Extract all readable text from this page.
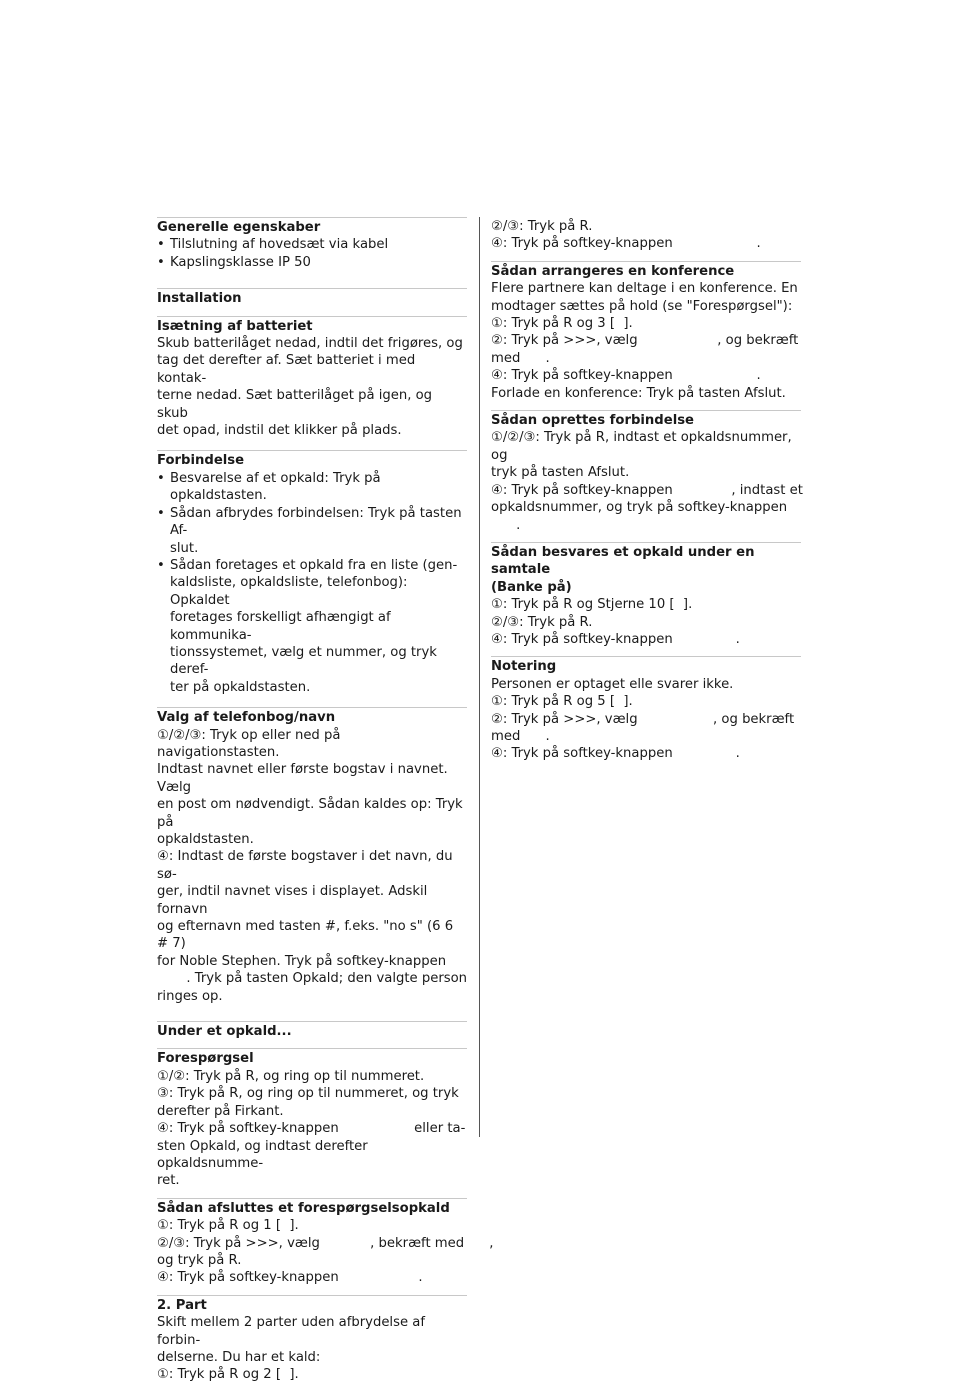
Generelle egenskaber
• Tilslutning af hovedsæt via kabel
• Kapslingsklasse IP 50
Installation
Isætning af batteriet
Skub batterilåget nedad, indtil det frigøres, og
tag det derefter af. Sæt batteriet i med kontak-
terne nedad. Sæt batterilåget på igen, og skub
det opad, indstil det klikker på plads.
Forbindelse
• Besvarelse af et opkald: Tryk på opkaldstasten.
• Sådan afbrydes forbindelsen: Tryk på tasten Af-
slut.
• Sådan foretages et opkald fra en liste (gen-
kaldsliste, opkaldsliste, telefonbog): Opkaldet
foretages forskelligt afhængigt af kommunika-
tionssystemet, vælg et nummer, og tryk deref-
ter på opkaldstasten.
Valg af telefonbog/navn
①/②/③: Tryk op eller ned på navigationstasten.
Indtast navnet eller første bogstav i navnet. Vælg
en post om nødvendigt. Sådan kaldes op: Tryk på
opkaldstasten.
④: Indtast de første bogstaver i det navn, du sø-
ger, indtil navnet vises i displayet. Adskil fornavn
og efternavn med tasten #, f.eks. "no s" (6 6 # 7)
for Noble Stephen. Tryk på softkey-knappen
. Tryk på tasten Opkald; den valgte person
ringes op.
Under et opkald...
Forespørgsel
①/②: Tryk på R, og ring op til nummeret.
③: Tryk på R, og ring op til nummeret, og tryk
derefter på Firkant.
④: Tryk på softkey-knappen                  eller ta-
sten Opkald, og indtast derefter opkaldsnumme-
ret.
Sådan afsluttes et forespørgselsopkald
①: Tryk på R og 1 [  ].
②/③: Tryk på >>>, vælg            , bekræft med      ,
og tryk på R.
④: Tryk på softkey-knappen                   .
2. Part
Skift mellem 2 parter uden afbrydelse af forbin-
delserne. Du har et kald:
①: Tryk på R og 2 [  ].
②/③: Tryk på R.
④: Tryk på softkey-knappen                    .
Sådan arrangeres en konference
Flere partnere kan deltage i en konference. En
modtager sættes på hold (se "Forespørgsel"):
①: Tryk på R og 3 [  ].
②: Tryk på >>>, vælg                   , og bekræft
med      .
④: Tryk på softkey-knappen                    .
Forlade en konference: Tryk på tasten Afslut.
Sådan oprettes forbindelse
①/②/③: Tryk på R, indtast et opkaldsnummer, og
tryk på tasten Afslut.
④: Tryk på softkey-knappen              , indtast et
opkaldsnummer, og tryk på softkey-knappen
.
Sådan besvares et opkald under en samtale
(Banke på)
①: Tryk på R og Stjerne 10 [  ].
②/③: Tryk på R.
④: Tryk på softkey-knappen               .
Notering
Personen er optaget elle svarer ikke.
①: Tryk på R og 5 [  ].
②: Tryk på >>>, vælg                  , og bekræft
med      .
④: Tryk på softkey-knappen               .
